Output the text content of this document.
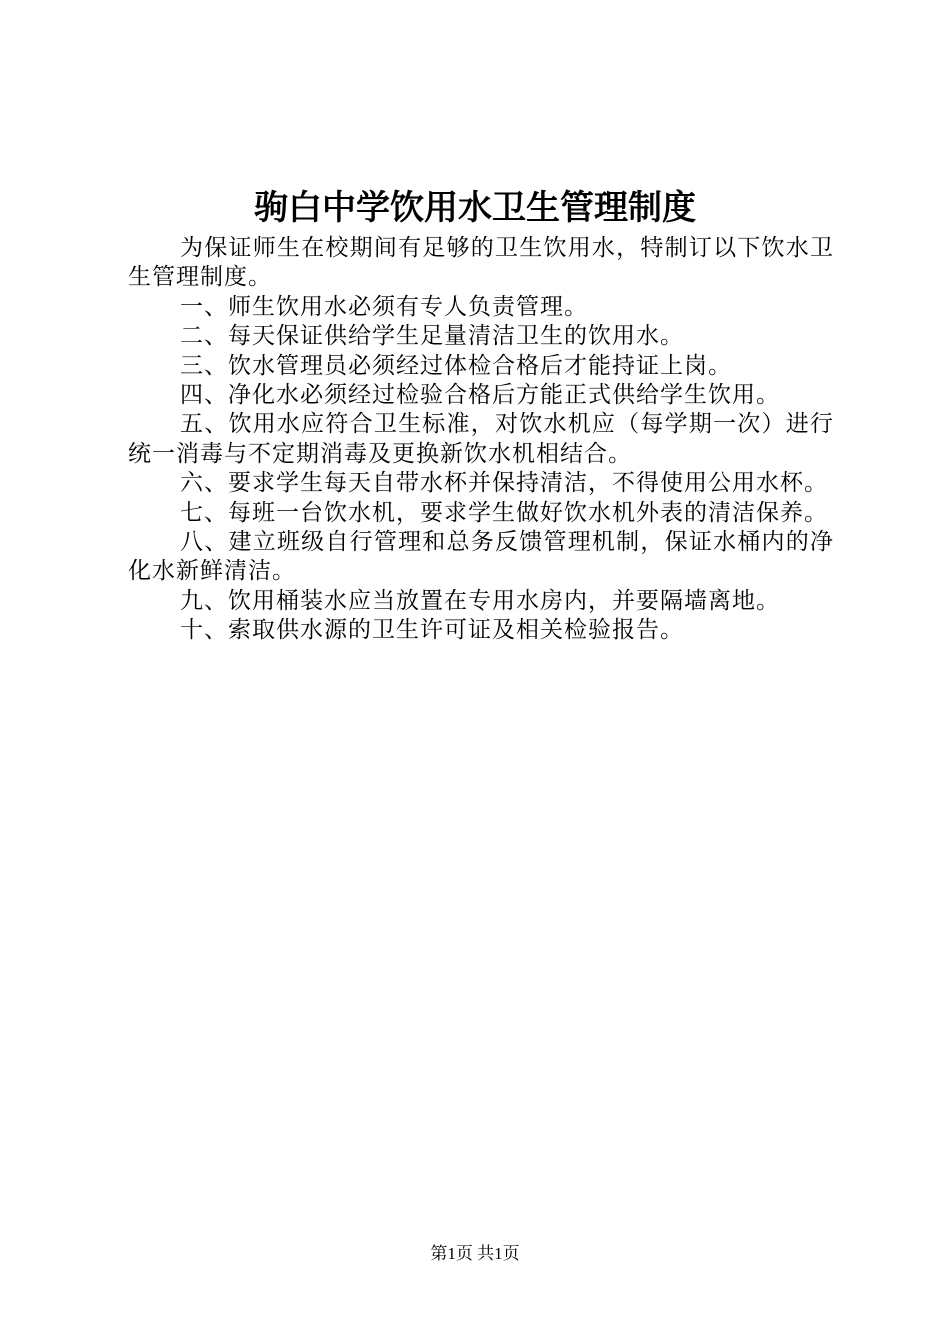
驹白中学饮用水卫生管理制度

为保证师生在校期间有足够的卫生饮用水，特制订以下饮水卫生管理制度。

一、师生饮用水必须有专人负责管理。

二、每天保证供给学生足量清洁卫生的饮用水。

三、饮水管理员必须经过体检合格后才能持证上岗。

四、净化水必须经过检验合格后方能正式供给学生饮用。

五、饮用水应符合卫生标准，对饮水机应（每学期一次）进行统一消毒与不定期消毒及更换新饮水机相结合。

六、要求学生每天自带水杯并保持清洁，不得使用公用水杯。

七、每班一台饮水机，要求学生做好饮水机外表的清洁保养。

八、建立班级自行管理和总务反馈管理机制，保证水桶内的净化水新鲜清洁。

九、饮用桶装水应当放置在专用水房内，并要隔墙离地。

十、索取供水源的卫生许可证及相关检验报告。

第1页 共1页
